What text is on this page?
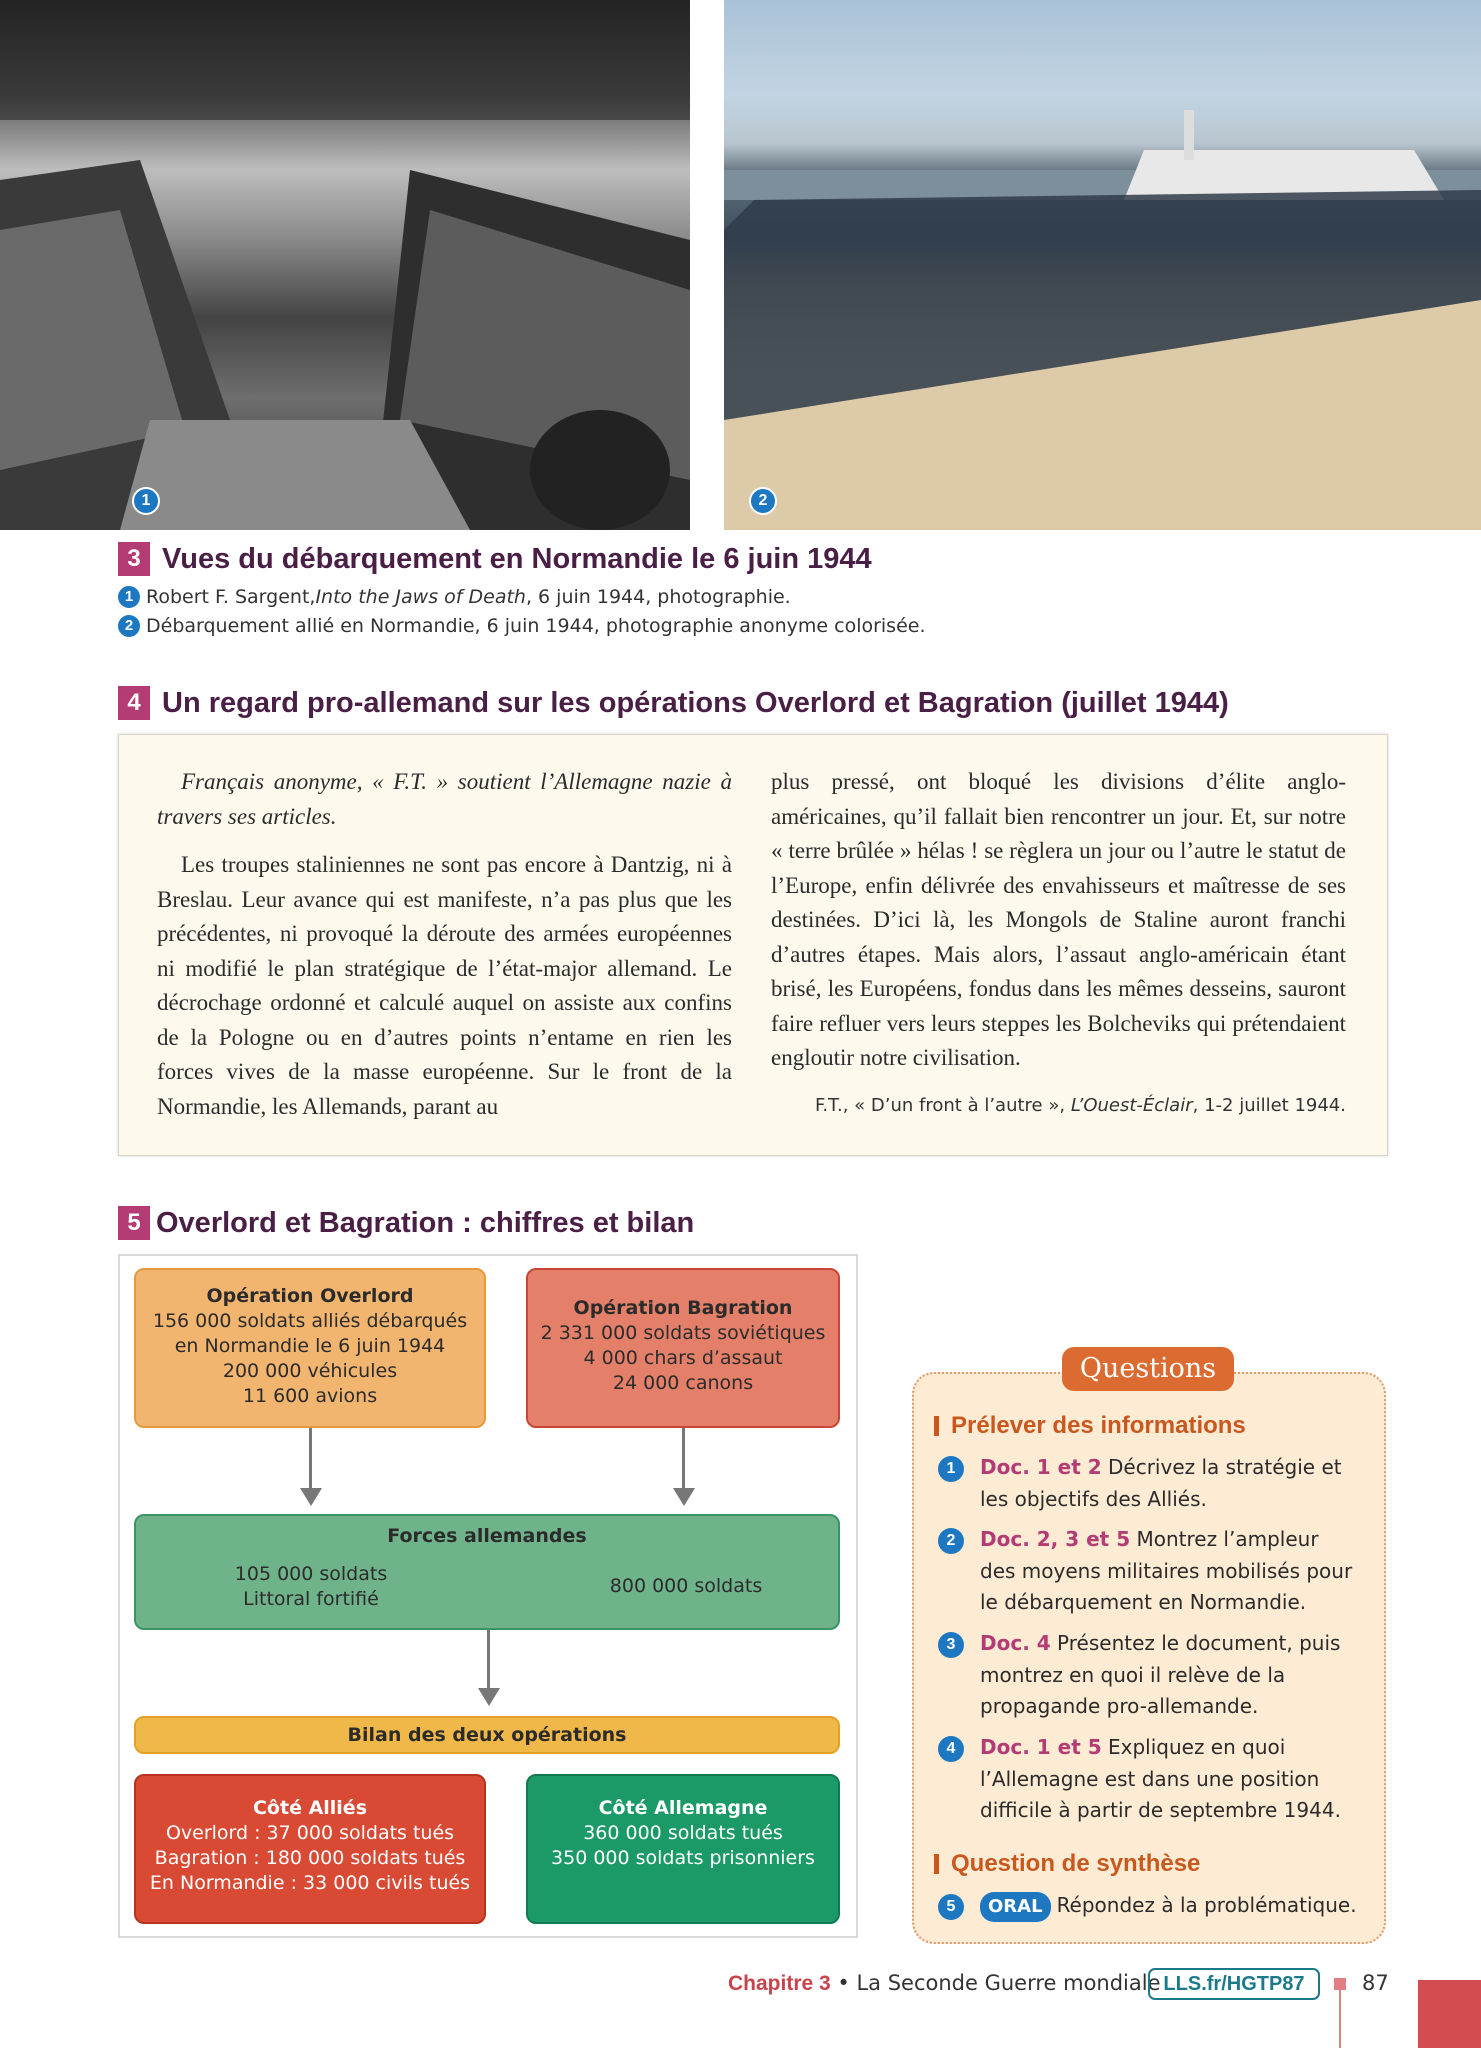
1	2
3 Vues du débarquement en Normandie le 6 juin 1944
1 Robert F. Sargent, Into the Jaws of Death , 6 juin 1944, photographie.
2 Débarquement allié en Normandie, 6 juin 1944, photographie anonyme colorisée.
4 Un regard pro-allemand sur les opérations Overlord et Bagration (juillet 1944)

Français anonyme, « F.T. » soutient l’Allemagne nazie à travers ses articles.

Les troupes staliniennes ne sont pas encore à Dantzig, ni à Breslau. Leur avance qui est manifeste, n’a pas plus que les précédentes, ni provoqué la déroute des armées européennes ni modifié le plan stratégique de l’état-major allemand. Le décrochage ordonné et calculé auquel on assiste aux confins de la Pologne ou en d’autres points n’entame en rien les forces vives de la masse européenne. Sur le front de la Normandie, les Allemands, parant au

plus pressé, ont bloqué les divisions d’élite anglo-américaines, qu’il fallait bien rencontrer un jour. Et, sur notre « terre brûlée » hélas ! se règlera un jour ou l’autre le statut de l’Europe, enfin délivrée des envahisseurs et maîtresse de ses destinées. D’ici là, les Mongols de Staline auront franchi d’autres étapes. Mais alors, l’assaut anglo-américain étant brisé, les Européens, fondus dans les mêmes desseins, sauront faire refluer vers leurs steppes les Bolcheviks qui prétendaient engloutir notre civilisation.

F.T., « D’un front à l’autre », L’Ouest-Éclair, 1-2 juillet 1944.
5 Overlord et Bagration : chiffres et bilan
Opération Overlord
156 000 soldats alliés débarqués
en Normandie le 6 juin 1944
200 000 véhicules
11 600 avions
Opération Bagration
2 331 000 soldats soviétiques
4 000 chars d’assaut
24 000 canons
Forces allemandes
105 000 soldats
Littoral fortifié
800 000 soldats
Bilan des deux opérations
Côté Alliés
Overlord : 37 000 soldats tués
Bagration : 180 000 soldats tués
En Normandie : 33 000 civils tués
Côté Allemagne
360 000 soldats tués
350 000 soldats prisonniers
Prélever des informations
1	Doc. 1 et 2 Décrivez la stratégie et les objectifs des Alliés.
2	Doc. 2, 3 et 5 Montrez l’ampleur des moyens militaires mobilisés pour le débarquement en Normandie.
3	Doc. 4 Présentez le document, puis montrez en quoi il relève de la propagande pro-allemande.
4	Doc. 1 et 5 Expliquez en quoi l’Allemagne est dans une position difficile à partir de septembre 1944.
Question de synthèse
5	ORAL Répondez à la problématique.
Questions
Chapitre 3 • La Seconde Guerre mondiale LLS.fr/HGTP87	87
